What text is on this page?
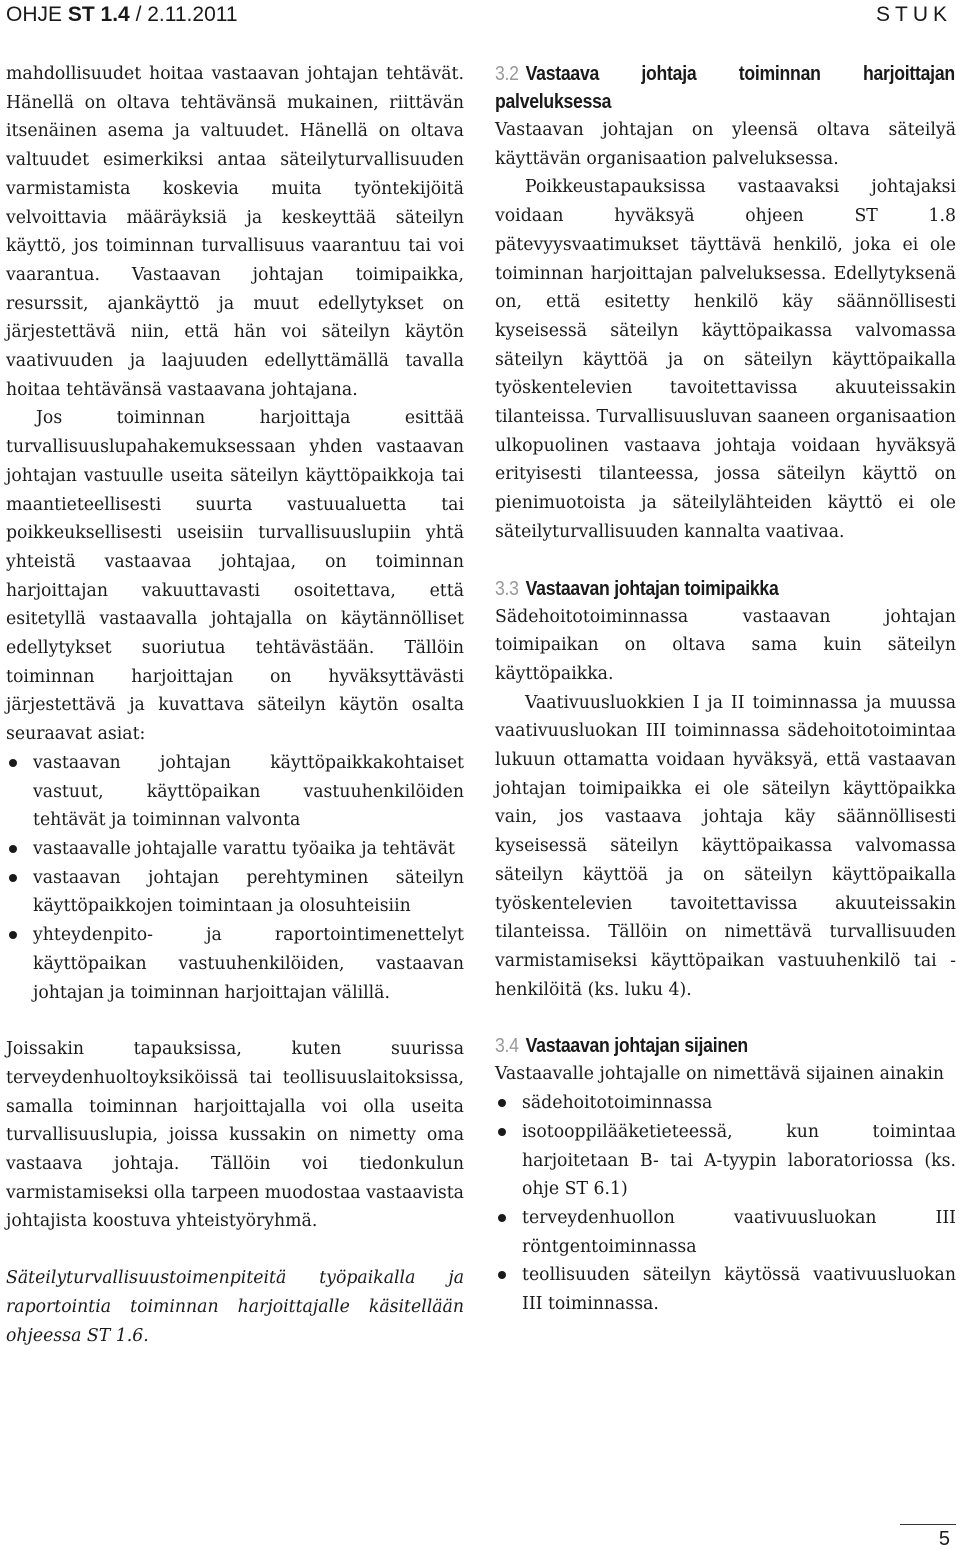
OHJE ST 1.4 / 2.11.2011	STUK

mahdollisuudet hoitaa vastaavan johtajan tehtävät. Hänellä on oltava tehtävänsä mukainen, riittävän itsenäinen asema ja valtuudet. Hänellä on oltava valtuudet esimerkiksi antaa säteilyturvallisuuden varmistamista koskevia muita työntekijöitä velvoittavia määräyksiä ja keskeyttää säteilyn käyttö, jos toiminnan turvallisuus vaarantuu tai voi vaarantua. Vastaavan johtajan toimipaikka, resurssit, ajankäyttö ja muut edellytykset on järjestettävä niin, että hän voi säteilyn käytön vaativuuden ja laajuuden edellyttämällä tavalla hoitaa tehtävänsä vastaavana johtajana.

Jos toiminnan harjoittaja esittää turvallisuuslupahakemuksessaan yhden vastaavan johtajan vastuulle useita säteilyn käyttöpaikkoja tai maantieteellisesti suurta vastuualuetta tai poikkeuksellisesti useisiin turvallisuuslupiin yhtä yhteistä vastaavaa johtajaa, on toiminnan harjoittajan vakuuttavasti osoitettava, että esitetyllä vastaavalla johtajalla on käytännölliset edellytykset suoriutua tehtävästään. Tällöin toiminnan harjoittajan on hyväksyttävästi järjestettävä ja kuvattava säteilyn käytön osalta seuraavat asiat:

vastaavan johtajan käyttöpaikkakohtaiset vastuut, käyttöpaikan vastuuhenkilöiden tehtävät ja toiminnan valvonta
vastaavalle johtajalle varattu työaika ja tehtävät
vastaavan johtajan perehtyminen säteilyn käyttöpaikkojen toimintaan ja olosuhteisiin
yhteydenpito- ja raportointimenettelyt käyttöpaikan vastuuhenkilöiden, vastaavan johtajan ja toiminnan harjoittajan välillä.

Joissakin tapauksissa, kuten suurissa terveydenhuoltoyksiköissä tai teollisuuslaitoksissa, samalla toiminnan harjoittajalla voi olla useita turvallisuuslupia, joissa kussakin on nimetty oma vastaava johtaja. Tällöin voi tiedonkulun varmistamiseksi olla tarpeen muodostaa vastaavista johtajista koostuva yhteistyöryhmä.

Säteilyturvallisuustoimenpiteitä työpaikalla ja raportointia toiminnan harjoittajalle käsitellään ohjeessa ST 1.6.

3.2 Vastaava johtaja toiminnan harjoittajan palveluksessa

Vastaavan johtajan on yleensä oltava säteilyä käyttävän organisaation palveluksessa.

Poikkeustapauksissa vastaavaksi johtajaksi voidaan hyväksyä ohjeen ST 1.8 pätevyysvaatimukset täyttävä henkilö, joka ei ole toiminnan harjoittajan palveluksessa. Edellytyksenä on, että esitetty henkilö käy säännöllisesti kyseisessä säteilyn käyttöpaikassa valvomassa säteilyn käyttöä ja on säteilyn käyttöpaikalla työskentelevien tavoitettavissa akuuteissakin tilanteissa. Turvallisuusluvan saaneen organisaation ulkopuolinen vastaava johtaja voidaan hyväksyä erityisesti tilanteessa, jossa säteilyn käyttö on pienimuotoista ja säteilylähteiden käyttö ei ole säteilyturvallisuuden kannalta vaativaa.

3.3 Vastaavan johtajan toimipaikka

Sädehoitotoiminnassa vastaavan johtajan toimipaikan on oltava sama kuin säteilyn käyttöpaikka.

Vaativuusluokkien I ja II toiminnassa ja muussa vaativuusluokan III toiminnassa sädehoitotoimintaa lukuun ottamatta voidaan hyväksyä, että vastaavan johtajan toimipaikka ei ole säteilyn käyttöpaikka vain, jos vastaava johtaja käy säännöllisesti kyseisessä säteilyn käyttöpaikassa valvomassa säteilyn käyttöä ja on säteilyn käyttöpaikalla työskentelevien tavoitettavissa akuuteissakin tilanteissa. Tällöin on nimettävä turvallisuuden varmistamiseksi käyttöpaikan vastuuhenkilö tai -henkilöitä (ks. luku 4).

3.4 Vastaavan johtajan sijainen

Vastaavalle johtajalle on nimettävä sijainen ainakin

sädehoitotoiminnassa
isotooppilääketieteessä, kun toimintaa harjoitetaan B- tai A-tyypin laboratoriossa (ks. ohje ST 6.1)
terveydenhuollon vaativuusluokan III röntgentoiminnassa
teollisuuden säteilyn käytössä vaativuusluokan III toiminnassa.
5
